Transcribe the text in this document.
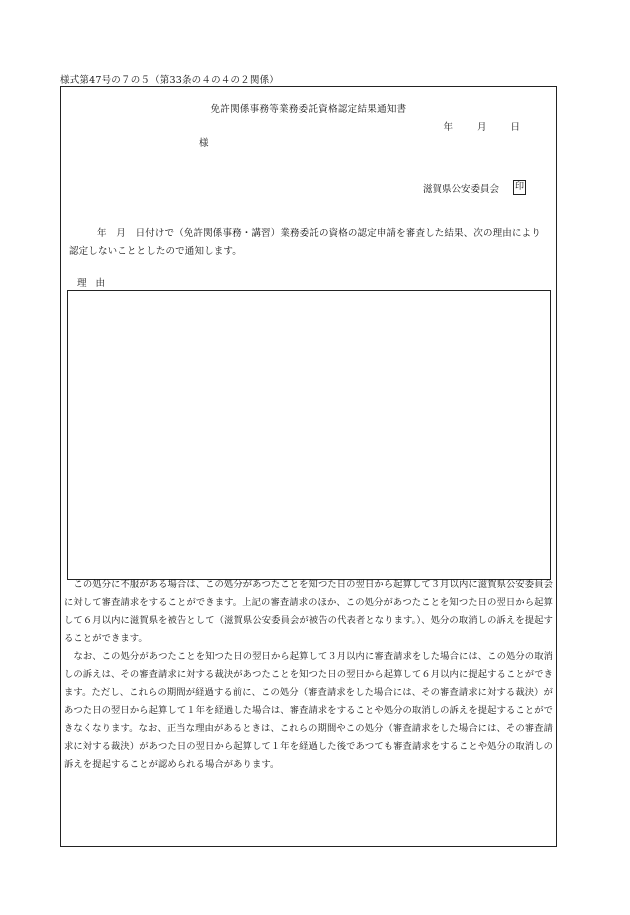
様式第47号の７の５（第33条の４の４の２関係）
免許関係事務等業務委託資格認定結果通知書
年	月	日
様
滋賀県公安委員会 印
年　月　日付けで（免許関係事務・講習）業務委託の資格の認定申請を審査した結果、次の理由により認定しないこととしたので通知します。
理由

この処分に不服がある場合は、この処分があつたことを知つた日の翌日から起算して３月以内に滋賀県公安委員会に対して審査請求をすることができます。上記の審査請求のほか、この処分があつたことを知つた日の翌日から起算して６月以内に滋賀県を被告として（滋賀県公安委員会が被告の代表者となります。）、処分の取消しの訴えを提起することができます。

なお、この処分があつたことを知つた日の翌日から起算して３月以内に審査請求をした場合には、この処分の取消しの訴えは、その審査請求に対する裁決があつたことを知つた日の翌日から起算して６月以内に提起することができます。ただし、これらの期間が経過する前に、この処分（審査請求をした場合には、その審査請求に対する裁決）があつた日の翌日から起算して１年を経過した場合は、審査請求をすることや処分の取消しの訴えを提起することができなくなります。なお、正当な理由があるときは、これらの期間やこの処分（審査請求をした場合には、その審査請求に対する裁決）があつた日の翌日から起算して１年を経過した後であつても審査請求をすることや処分の取消しの訴えを提起することが認められる場合があります。
